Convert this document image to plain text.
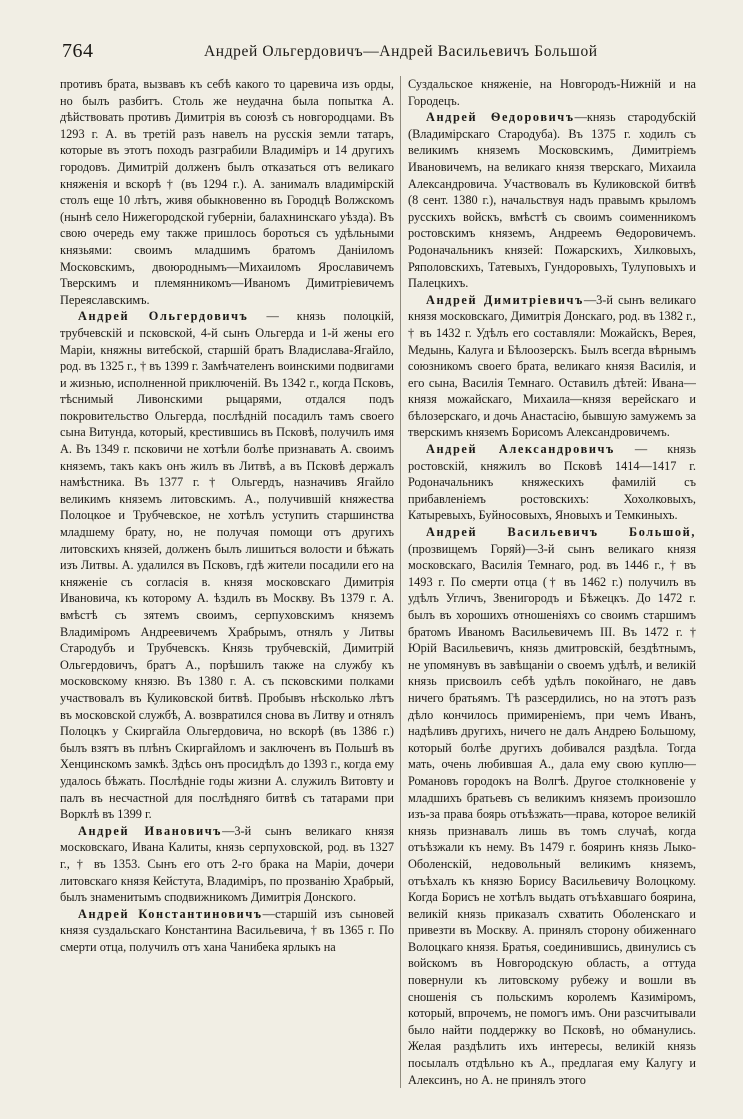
764	Андрей Ольгердовичъ—Андрей Васильевичъ Большой

противъ брата, вызвавъ къ себѣ какого то царевича изъ орды, но былъ разбитъ. Столь же неудачна была попытка А. дѣйствовать противъ Димитрія въ союзѣ съ новгородцами. Въ 1293 г. А. въ третій разъ навелъ на русскія земли татаръ, которые въ этотъ походъ разграбили Владиміръ и 14 другихъ городовъ. Димитрій долженъ былъ отказаться отъ великаго княженія и вскорѣ † (въ 1294 г.). А. занималъ владимірскій столъ еще 10 лѣтъ, живя обыкновенно въ Городцѣ Волжскомъ (нынѣ село Нижегородской губерніи, балахнинскаго уѣзда). Въ свою очередь ему также пришлось бороться съ удѣльными князьями: своимъ младшимъ братомъ Даніиломъ Московскимъ, двоюроднымъ—Михаиломъ Ярославичемъ Тверскимъ и племянникомъ—Иваномъ Димитріевичемъ Переяславскимъ.

Андрей Ольгердовичъ — князь полоцкій, трубчевскій и псковской, 4-й сынъ Ольгерда и 1-й жены его Маріи, княжны витебской, старшій братъ Владислава-Ягайло, род. въ 1325 г., † въ 1399 г. Замѣчателенъ воинскими подвигами и жизнью, исполненной приключеній. Въ 1342 г., когда Псковъ, тѣснимый Ливонскими рыцарями, отдался подъ покровительство Ольгерда, послѣдній посадилъ тамъ своего сына Витунда, который, крестившись въ Псковѣ, получилъ имя А. Въ 1349 г. псковичи не хотѣли болѣе признавать А. своимъ княземъ, такъ какъ онъ жилъ въ Литвѣ, а въ Псковѣ держалъ намѣстника. Въ 1377 г. † Ольгердъ, назначивъ Ягайло великимъ княземъ литовскимъ. А., получившій княжества Полоцкое и Трубчевское, не хотѣлъ уступить старшинства младшему брату, но, не получая помощи отъ другихъ литовскихъ князей, долженъ былъ лишиться волости и бѣжать изъ Литвы. А. удалился въ Псковъ, гдѣ жители посадили его на княженіе съ согласія в. князя московскаго Димитрія Ивановича, къ которому А. ѣздилъ въ Москву. Въ 1379 г. А. вмѣстѣ съ зятемъ своимъ, серпуховскимъ княземъ Владиміромъ Андреевичемъ Храбрымъ, отнялъ у Литвы Стародубъ и Трубчевскъ. Князь трубчевскій, Димитрій Ольгердовичъ, братъ А., порѣшилъ также на службу къ московскому князю. Въ 1380 г. А. съ псковскими полками участвовалъ въ Куликовской битвѣ. Пробывъ нѣсколько лѣтъ въ московской службѣ, А. возвратился снова въ Литву и отнялъ Полоцкъ у Скиргайла Ольгердовича, но вскорѣ (въ 1386 г.) былъ взятъ въ плѣнъ Скиргайломъ и заключенъ въ Польшѣ въ Хенцинскомъ замкѣ. Здѣсь онъ просидѣлъ до 1393 г., когда ему удалось бѣжать. Послѣдніе годы жизни А. служилъ Витовту и палъ въ несчастной для послѣдняго битвѣ съ татарами при Ворклѣ въ 1399 г.

Андрей Ивановичъ—3-й сынъ великаго князя московскаго, Ивана Калиты, князь серпуховской, род. въ 1327 г., † въ 1353. Сынъ его отъ 2-го брака на Маріи, дочери литовскаго князя Кейстута, Владиміръ, по прозванію Храбрый, былъ знаменитымъ сподвижникомъ Димитрія Донского.

Андрей Константиновичъ—старшій изъ сыновей князя суздальскаго Константина Васильевича, † въ 1365 г. По смерти отца, получилъ отъ хана Чанибека ярлыкъ на

Суздальское княженіе, на Новгородъ-Нижній и на Городецъ.

Андрей Ѳедоровичъ—князь стародубскій (Владимірскаго Стародуба). Въ 1375 г. ходилъ съ великимъ княземъ Московскимъ, Димитріемъ Ивановичемъ, на великаго князя тверскаго, Михаила Александровича. Участвовалъ въ Куликовской битвѣ (8 сент. 1380 г.), начальствуя надъ правымъ крыломъ русскихъ войскъ, вмѣстѣ съ своимъ соименникомъ ростовскимъ княземъ, Андреемъ Ѳедоровичемъ. Родоначальникъ князей: Пожарскихъ, Хилковыхъ, Ряполовскихъ, Татевыхъ, Гундоровыхъ, Тулуповыхъ и Палецкихъ.

Андрей Димитріевичъ—3-й сынъ великаго князя московскаго, Димитрія Донскаго, род. въ 1382 г., † въ 1432 г. Удѣлъ его составляли: Можайскъ, Верея, Медынь, Калуга и Бѣлоозерскъ. Былъ всегда вѣрнымъ союзникомъ своего брата, великаго князя Василія, и его сына, Василія Темнаго. Оставилъ дѣтей: Ивана—князя можайскаго, Михаила—князя верейскаго и бѣлозерскаго, и дочь Анастасію, бывшую замужемъ за тверскимъ княземъ Борисомъ Александровичемъ.

Андрей Александровичъ — князь ростовскій, княжилъ во Псковѣ 1414—1417 г. Родоначальникъ княжескихъ фамилій съ прибавленіемъ ростовскихъ: Хохолковыхъ, Катыревыхъ, Буйносовыхъ, Яновыхъ и Темкиныхъ.

Андрей Васильевичъ Большой, (прозвищемъ Горяй)—3-й сынъ великаго князя московскаго, Василія Темнаго, род. въ 1446 г., † въ 1493 г. По смерти отца († въ 1462 г.) получилъ въ удѣлъ Угличъ, Звенигородъ и Бѣжецкъ. До 1472 г. былъ въ хорошихъ отношеніяхъ со своимъ старшимъ братомъ Иваномъ Васильевичемъ III. Въ 1472 г. † Юрій Васильевичъ, князь дмитровскій, бездѣтнымъ, не упомянувъ въ завѣщаніи о своемъ удѣлѣ, и великій князь присвоилъ себѣ удѣлъ покойнаго, не давъ ничего братьямъ. Тѣ разсердились, но на этотъ разъ дѣло кончилось примиреніемъ, при чемъ Иванъ, надѣливъ другихъ, ничего не далъ Андрею Большому, который болѣе другихъ добивался раздѣла. Тогда мать, очень любившая А., дала ему свою куплю—Романовъ городокъ на Волгѣ. Другое столкновеніе у младшихъ братьевъ съ великимъ княземъ произошло изъ-за права боярь отъѣзжать—права, которое великій князь признавалъ лишь въ томъ случаѣ, когда отъѣзжали къ нему. Въ 1479 г. бояринъ князь Лыко-Оболенскій, недовольный великимъ княземъ, отъѣхалъ къ князю Борису Васильевичу Волоцкому. Когда Борисъ не хотѣлъ выдать отъѣхавшаго боярина, великій князь приказалъ схватить Оболенскаго и привезти въ Москву. А. принялъ сторону обиженнаго Волоцкаго князя. Братья, соединившись, двинулись съ войскомъ въ Новгородскую область, а оттуда повернули къ литовскому рубежу и вошли въ сношенія съ польскимъ королемъ Казиміромъ, который, впрочемъ, не помогъ имъ. Они разсчитывали было найти поддержку во Псковѣ, но обманулись. Желая раздѣлить ихъ интересы, великій князь посылалъ отдѣльно къ А., предлагая ему Калугу и Алексинъ, но А. не принялъ этого
